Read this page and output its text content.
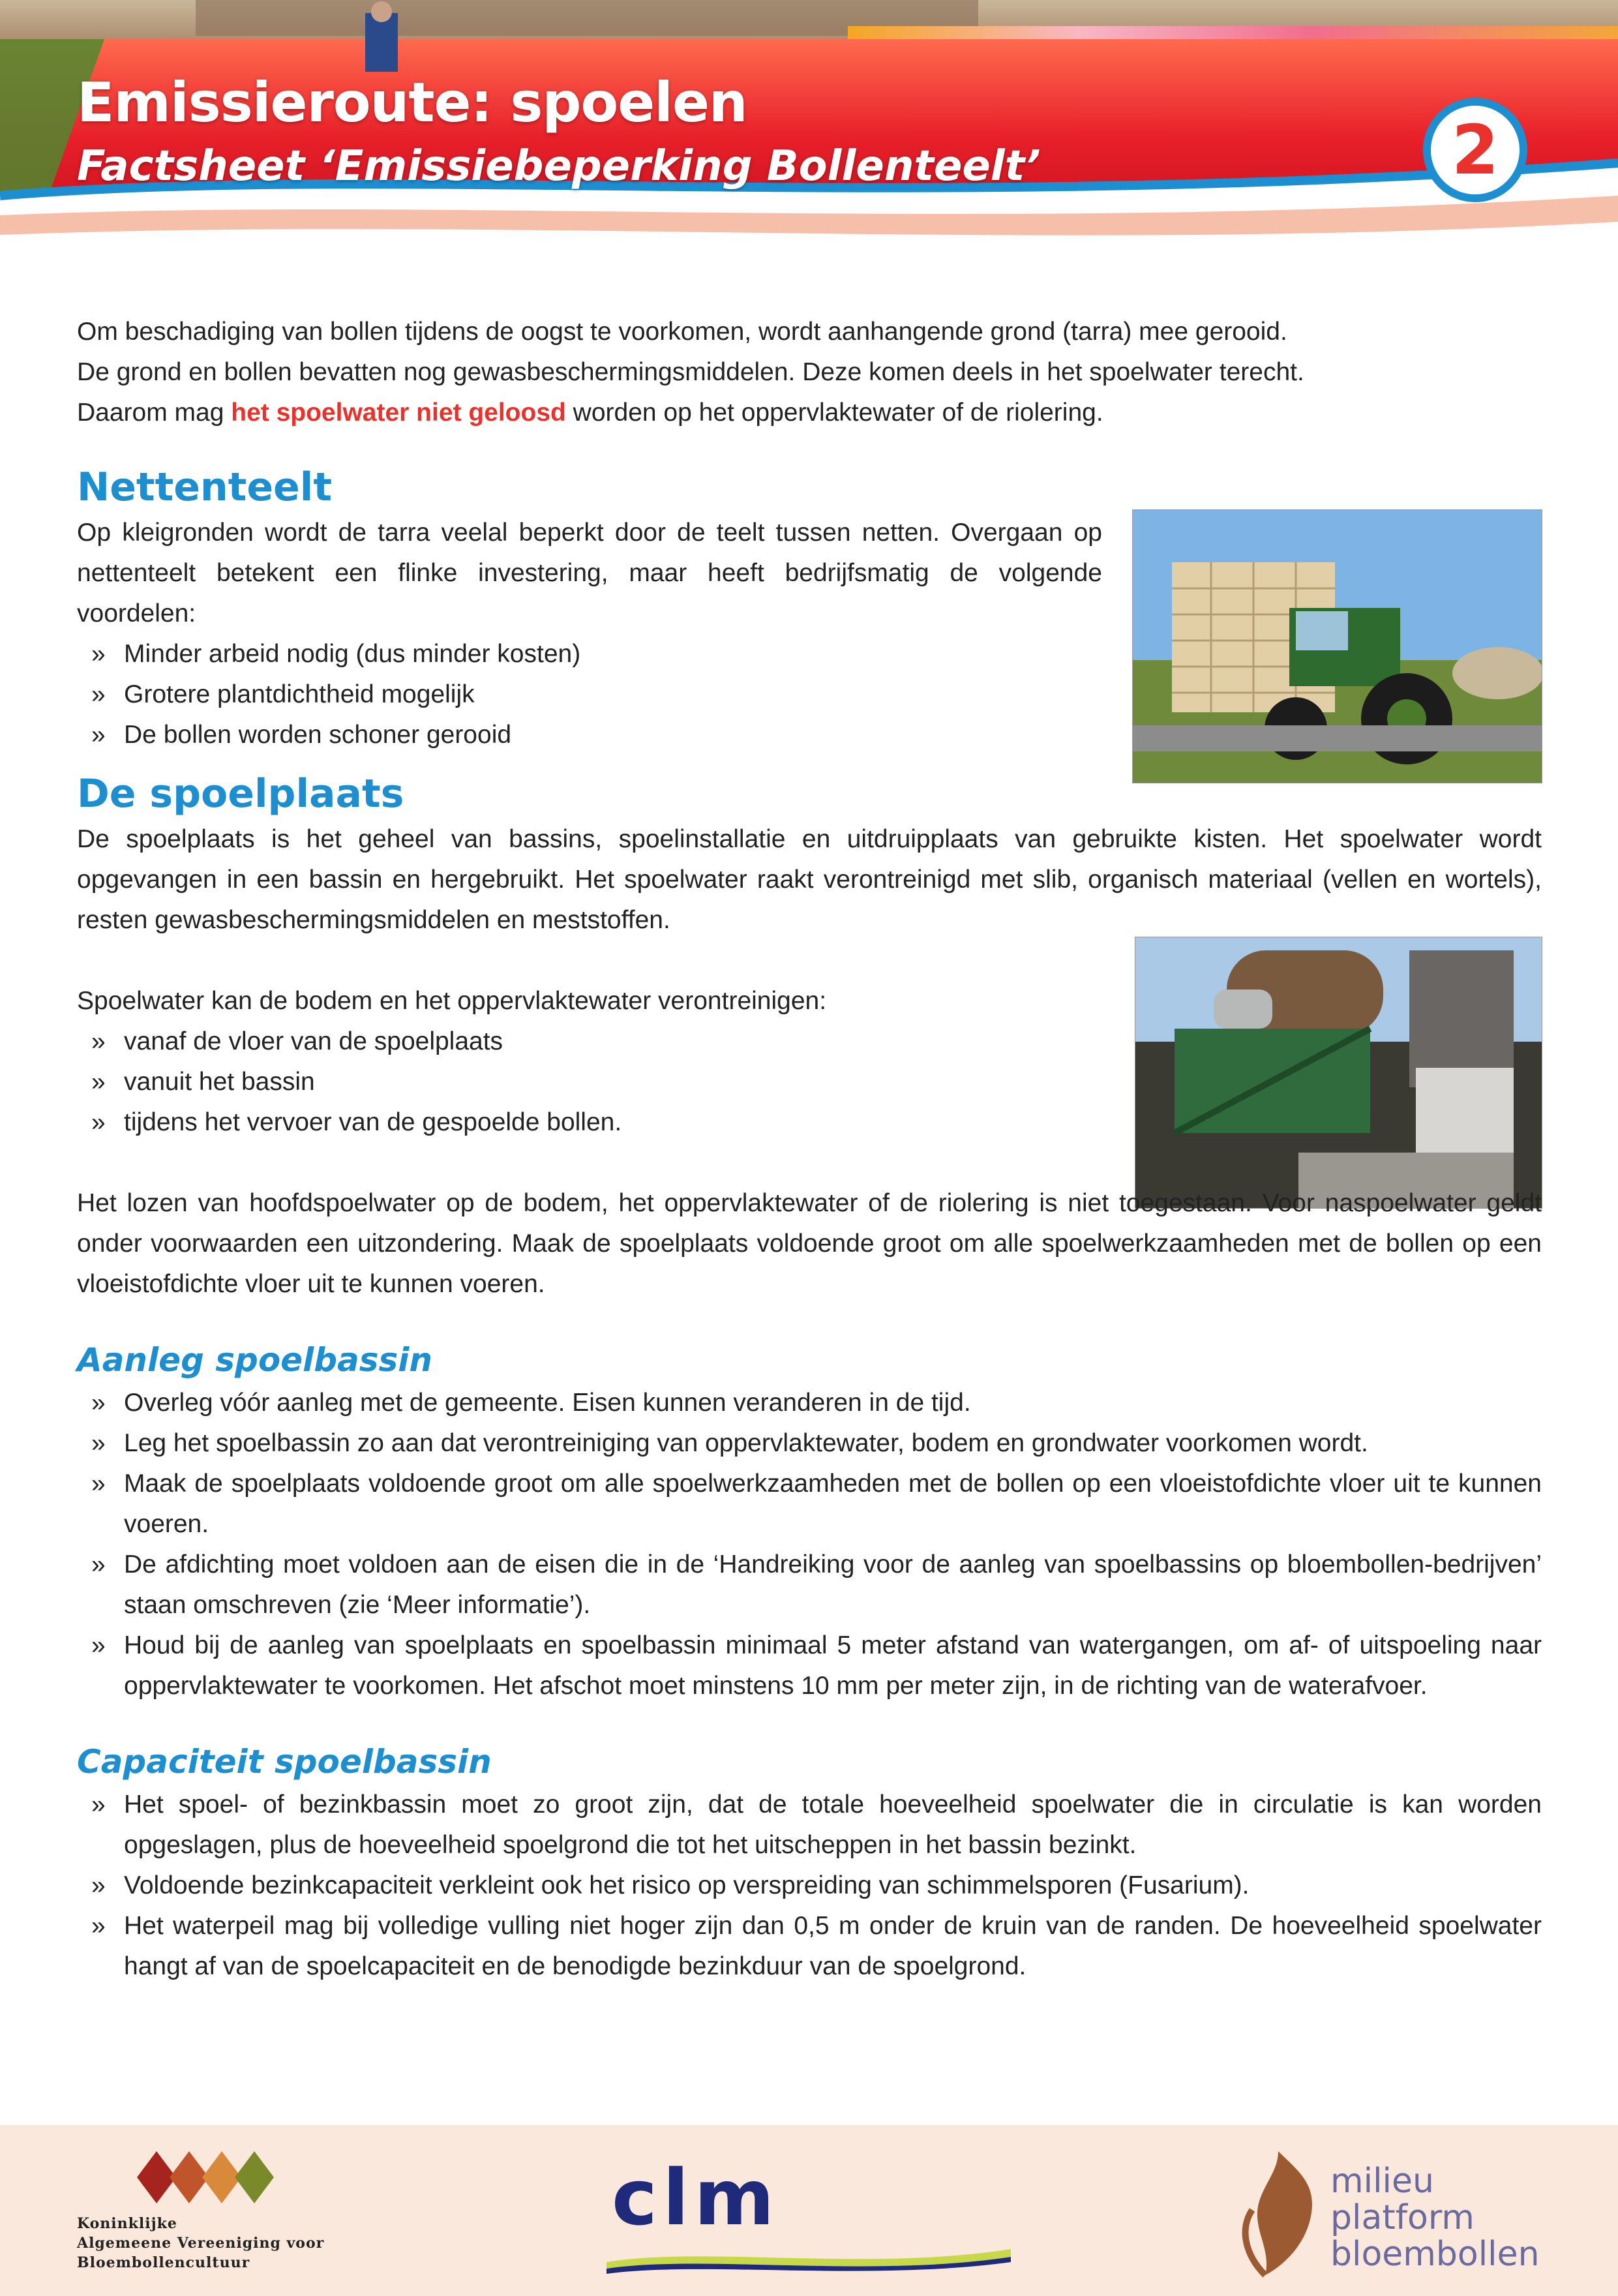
Emissieroute: spoelen
Factsheet ‘Emissiebeperking Bollenteelt’	2

Om beschadiging van bollen tijdens de oogst te voorkomen, wordt aanhangende grond (tarra) mee gerooid.

De grond en bollen bevatten nog gewasbeschermingsmiddelen. Deze komen deels in het spoelwater terecht.

Daarom mag het spoelwater niet geloosd worden op het oppervlaktewater of de riolering.

Nettenteelt

Op kleigronden wordt de tarra veelal beperkt door de teelt tussen netten. Overgaan op nettenteelt betekent een flinke investering, maar heeft bedrijfsmatig de volgende voordelen:

» Minder arbeid nodig (dus minder kosten)
» Grotere plantdichtheid mogelijk
» De bollen worden schoner gerooid
De spoelplaats

De spoelplaats is het geheel van bassins, spoelinstallatie en uitdruipplaats van gebruikte kisten. Het spoelwater wordt opgevangen in een bassin en hergebruikt. Het spoelwater raakt verontreinigd met slib, organisch materiaal (vellen en wortels), resten gewasbeschermingsmiddelen en meststoffen.

Spoelwater kan de bodem en het oppervlaktewater verontreinigen:

» vanaf de vloer van de spoelplaats
» vanuit het bassin
» tijdens het vervoer van de gespoelde bollen.

Het lozen van hoofdspoelwater op de bodem, het oppervlaktewater of de riolering is niet toegestaan. Voor naspoelwater geldt onder voorwaarden een uitzondering. Maak de spoelplaats voldoende groot om alle spoelwerkzaamheden met de bollen op een vloeistofdichte vloer uit te kunnen voeren.

Aanleg spoelbassin
» Overleg vóór aanleg met de gemeente. Eisen kunnen veranderen in de tijd.
» Leg het spoelbassin zo aan dat verontreiniging van oppervlaktewater, bodem en grondwater voorkomen wordt.
» Maak de spoelplaats voldoende groot om alle spoelwerkzaamheden met de bollen op een vloeistofdichte vloer uit te kunnen voeren.
» De afdichting moet voldoen aan de eisen die in de ‘Handreiking voor de aanleg van spoelbassins op bloembollen-bedrijven’ staan omschreven (zie ‘Meer informatie’).
» Houd bij de aanleg van spoelplaats en spoelbassin minimaal 5 meter afstand van watergangen, om af- of uitspoeling naar oppervlaktewater te voorkomen. Het afschot moet minstens 10 mm per meter zijn, in de richting van de waterafvoer.
Capaciteit spoelbassin
» Het spoel- of bezinkbassin moet zo groot zijn, dat de totale hoeveelheid spoelwater die in circulatie is kan worden opgeslagen, plus de hoeveelheid spoelgrond die tot het uitscheppen in het bassin bezinkt.
» Voldoende bezinkcapaciteit verkleint ook het risico op verspreiding van schimmelsporen (Fusarium).
» Het waterpeil mag bij volledige vulling niet hoger zijn dan 0,5 m onder de kruin van de randen. De hoeveelheid spoelwater hangt af van de spoelcapaciteit en de benodigde bezinkduur van de spoelgrond.
Koninklijke
Algemeene Vereeniging voor
Bloembollencultuur
clm	milieu
platform
bloembollen
